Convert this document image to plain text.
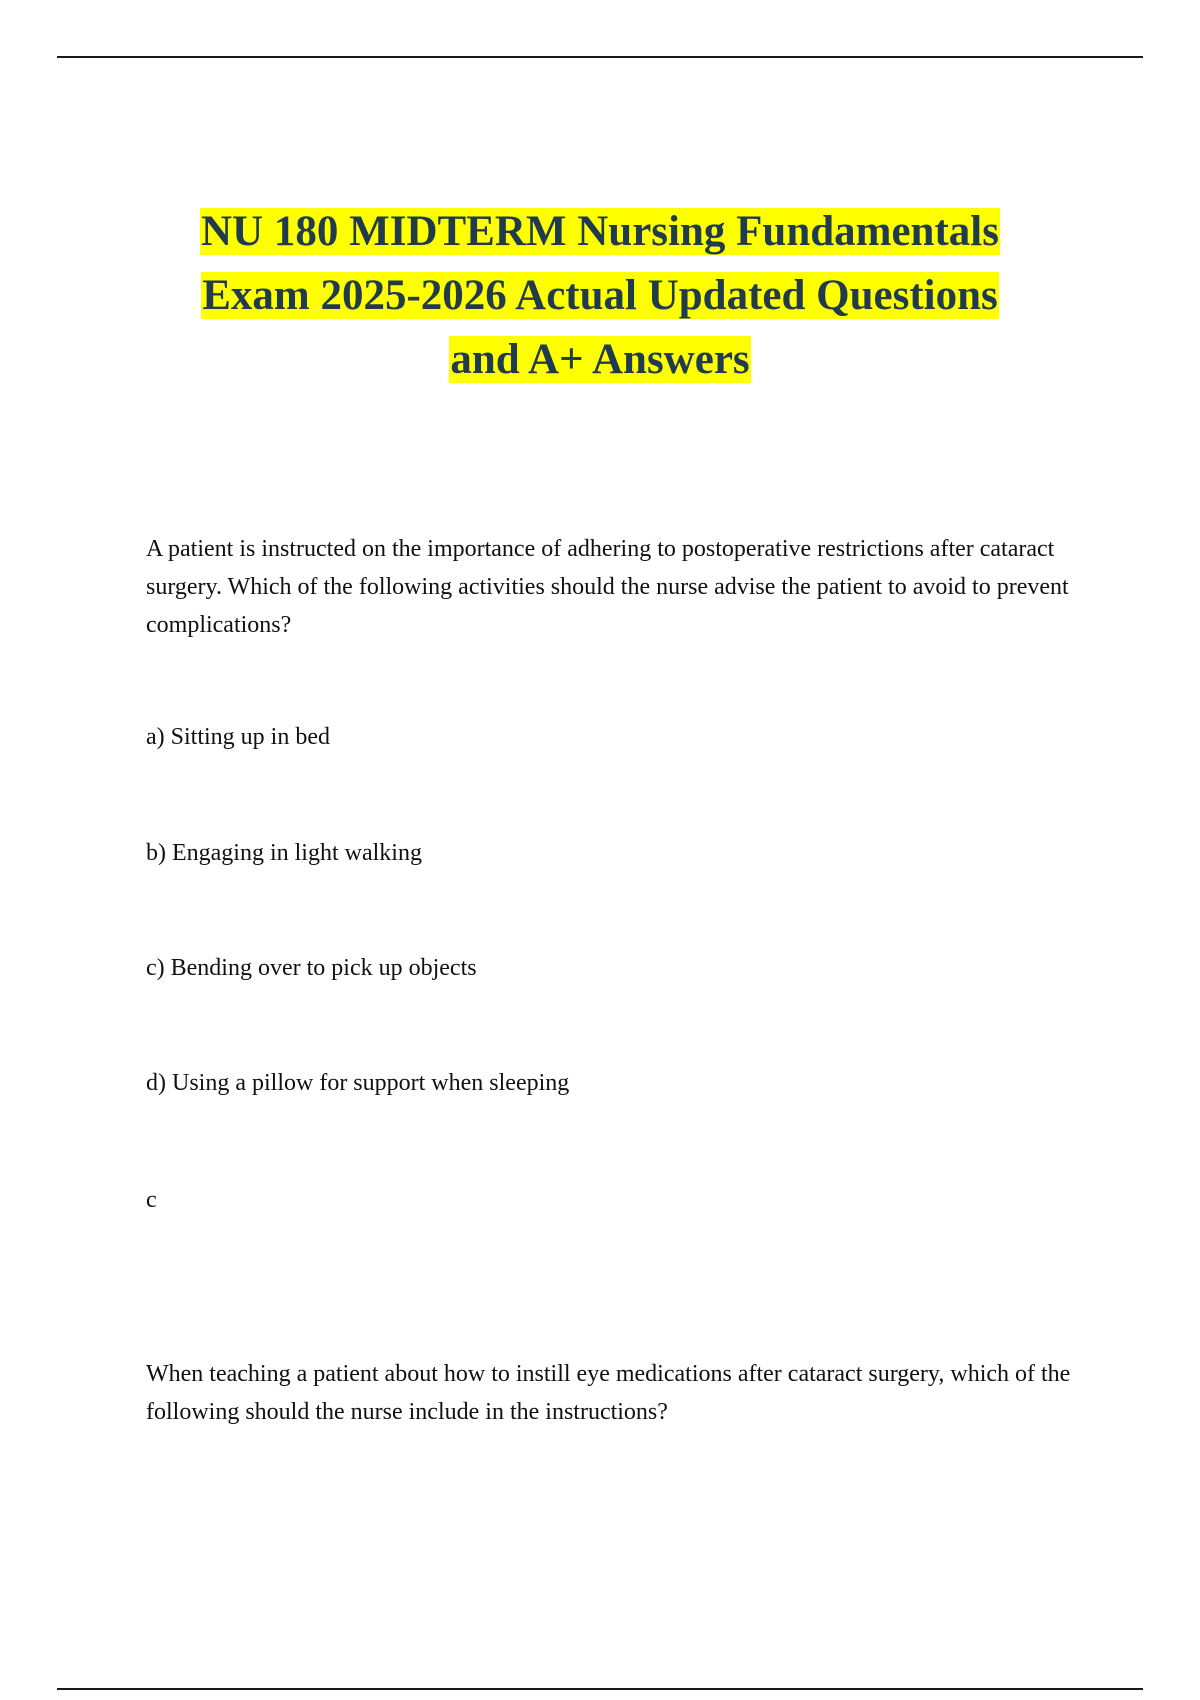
NU 180 MIDTERM Nursing Fundamentals
Exam 2025-2026 Actual Updated Questions
and A+ Answers
A patient is instructed on the importance of adhering to postoperative restrictions after cataract surgery. Which of the following activities should the nurse advise the patient to avoid to prevent complications?
a) Sitting up in bed
b) Engaging in light walking
c) Bending over to pick up objects
d) Using a pillow for support when sleeping
c
When teaching a patient about how to instill eye medications after cataract surgery, which of the following should the nurse include in the instructions?
